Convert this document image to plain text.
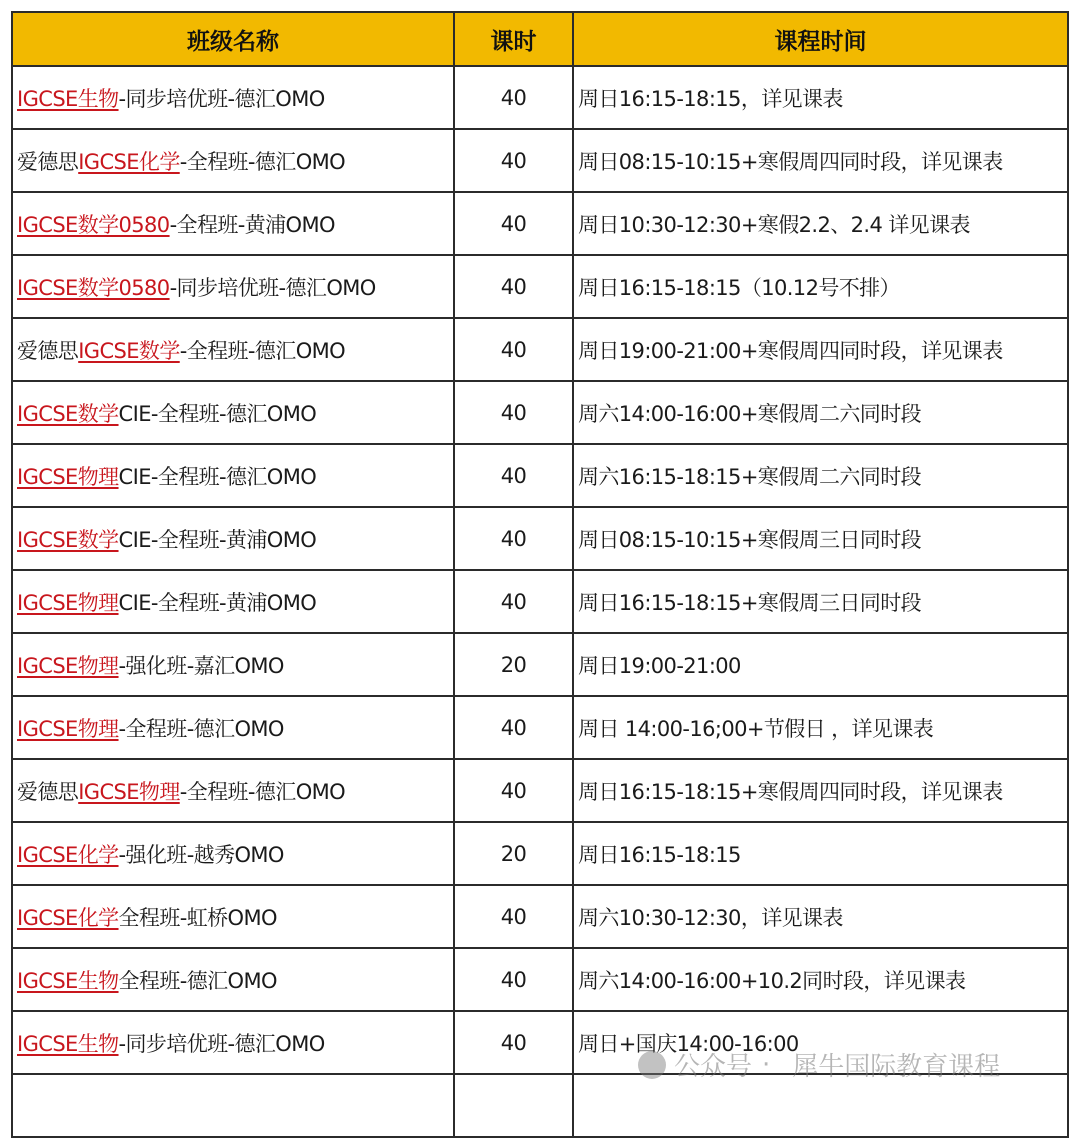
班级名称	课时	课程时间
IGCSE生物-同步培优班-德汇OMO	40	周日16:15-18:15，详见课表
爱德思IGCSE化学-全程班-德汇OMO	40	周日08:15-10:15+寒假周四同时段，详见课表
IGCSE数学0580-全程班-黄浦OMO	40	周日10:30-12:30+寒假2.2、2.4 详见课表
IGCSE数学0580-同步培优班-德汇OMO	40	周日16:15-18:15（10.12号不排）
爱德思IGCSE数学-全程班-德汇OMO	40	周日19:00-21:00+寒假周四同时段，详见课表
IGCSE数学CIE-全程班-德汇OMO	40	周六14:00-16:00+寒假周二六同时段
IGCSE物理CIE-全程班-德汇OMO	40	周六16:15-18:15+寒假周二六同时段
IGCSE数学CIE-全程班-黄浦OMO	40	周日08:15-10:15+寒假周三日同时段
IGCSE物理CIE-全程班-黄浦OMO	40	周日16:15-18:15+寒假周三日同时段
IGCSE物理-强化班-嘉汇OMO	20	周日19:00-21:00
IGCSE物理-全程班-德汇OMO	40	周日 14:00-16;00+节假日 ，详见课表
爱德思IGCSE物理-全程班-德汇OMO	40	周日16:15-18:15+寒假周四同时段，详见课表
IGCSE化学-强化班-越秀OMO	20	周日16:15-18:15
IGCSE化学全程班-虹桥OMO	40	周六10:30-12:30，详见课表
IGCSE生物全程班-德汇OMO	40	周六14:00-16:00+10.2同时段，详见课表
IGCSE生物-同步培优班-德汇OMO	40	周日+国庆14:00-16:00

公众号 · 犀牛国际教育课程
